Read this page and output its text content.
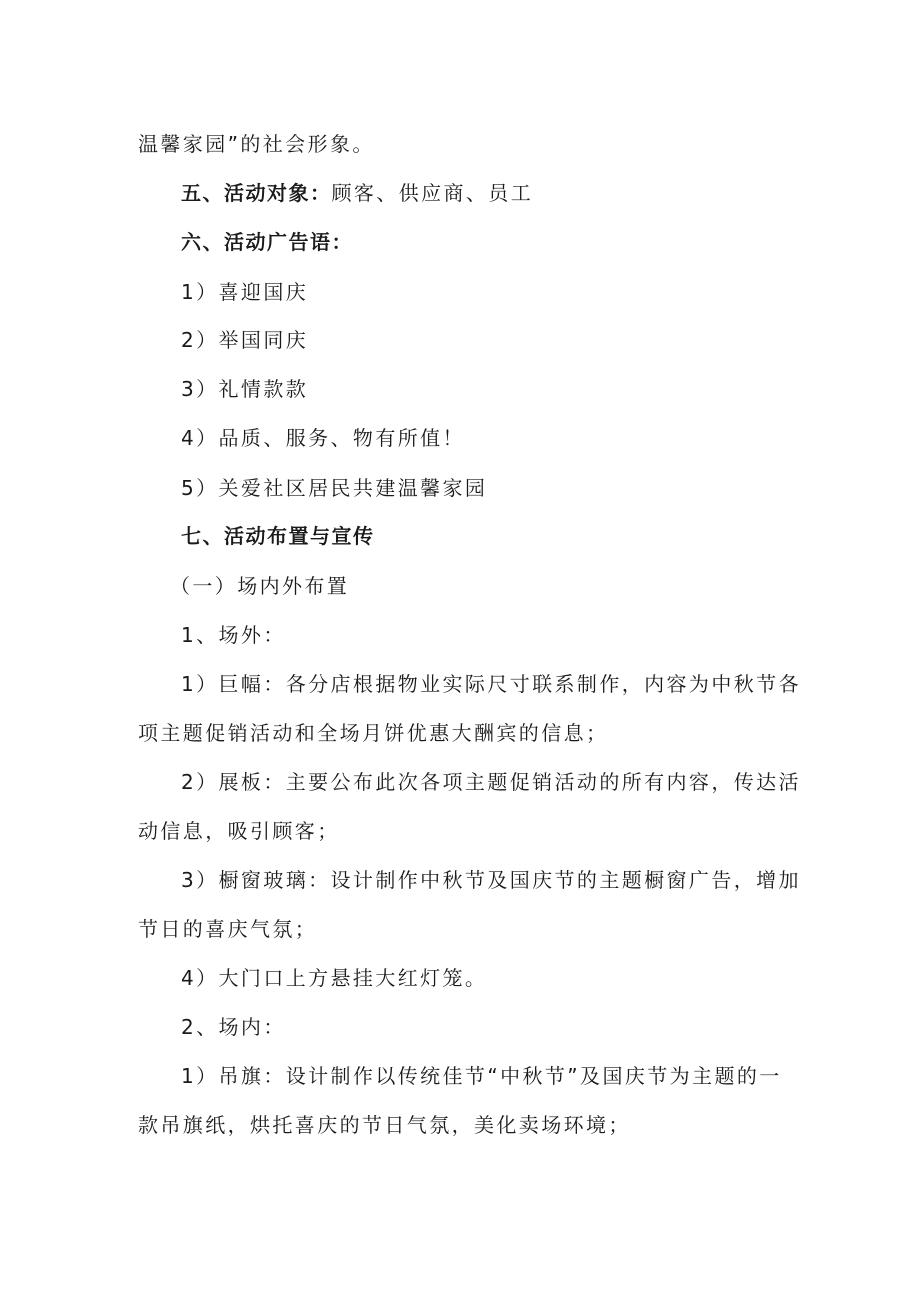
温馨家园”的社会形象。
五、活动对象：顾客、供应商、员工
六、活动广告语：
1）喜迎国庆
2）举国同庆
3）礼情款款
4）品质、服务、物有所值！
5）关爱社区居民共建温馨家园
七、活动布置与宣传
（一）场内外布置
1、场外：
1）巨幅：各分店根据物业实际尺寸联系制作，内容为中秋节各
项主题促销活动和全场月饼优惠大酬宾的信息；
2）展板：主要公布此次各项主题促销活动的所有内容，传达活
动信息，吸引顾客；
3）橱窗玻璃：设计制作中秋节及国庆节的主题橱窗广告，增加
节日的喜庆气氛；
4）大门口上方悬挂大红灯笼。
2、场内：
1）吊旗：设计制作以传统佳节“中秋节”及国庆节为主题的一
款吊旗纸，烘托喜庆的节日气氛，美化卖场环境；
